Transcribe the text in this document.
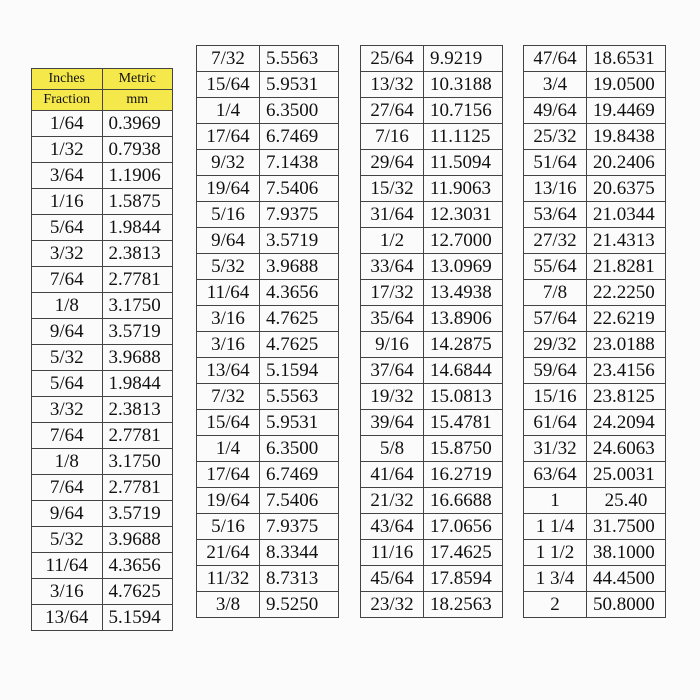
Inches	Metric
Fraction	mm
1/64	0.3969
1/32	0.7938
3/64	1.1906
1/16	1.5875
5/64	1.9844
3/32	2.3813
7/64	2.7781
1/8	3.1750
9/64	3.5719
5/32	3.9688
5/64	1.9844
3/32	2.3813
7/64	2.7781
1/8	3.1750
7/64	2.7781
9/64	3.5719
5/32	3.9688
11/64	4.3656
3/16	4.7625
13/64	5.1594
7/32	5.5563
15/64	5.9531
1/4	6.3500
17/64	6.7469
9/32	7.1438
19/64	7.5406
5/16	7.9375
9/64	3.5719
5/32	3.9688
11/64	4.3656
3/16	4.7625
3/16	4.7625
13/64	5.1594
7/32	5.5563
15/64	5.9531
1/4	6.3500
17/64	6.7469
19/64	7.5406
5/16	7.9375
21/64	8.3344
11/32	8.7313
3/8	9.5250
25/64	9.9219
13/32	10.3188
27/64	10.7156
7/16	11.1125
29/64	11.5094
15/32	11.9063
31/64	12.3031
1/2	12.7000
33/64	13.0969
17/32	13.4938
35/64	13.8906
9/16	14.2875
37/64	14.6844
19/32	15.0813
39/64	15.4781
5/8	15.8750
41/64	16.2719
21/32	16.6688
43/64	17.0656
11/16	17.4625
45/64	17.8594
23/32	18.2563
47/64	18.6531
3/4	19.0500
49/64	19.4469
25/32	19.8438
51/64	20.2406
13/16	20.6375
53/64	21.0344
27/32	21.4313
55/64	21.8281
7/8	22.2250
57/64	22.6219
29/32	23.0188
59/64	23.4156
15/16	23.8125
61/64	24.2094
31/32	24.6063
63/64	25.0031
1	25.40
1 1/4	31.7500
1 1/2	38.1000
1 3/4	44.4500
2	50.8000
